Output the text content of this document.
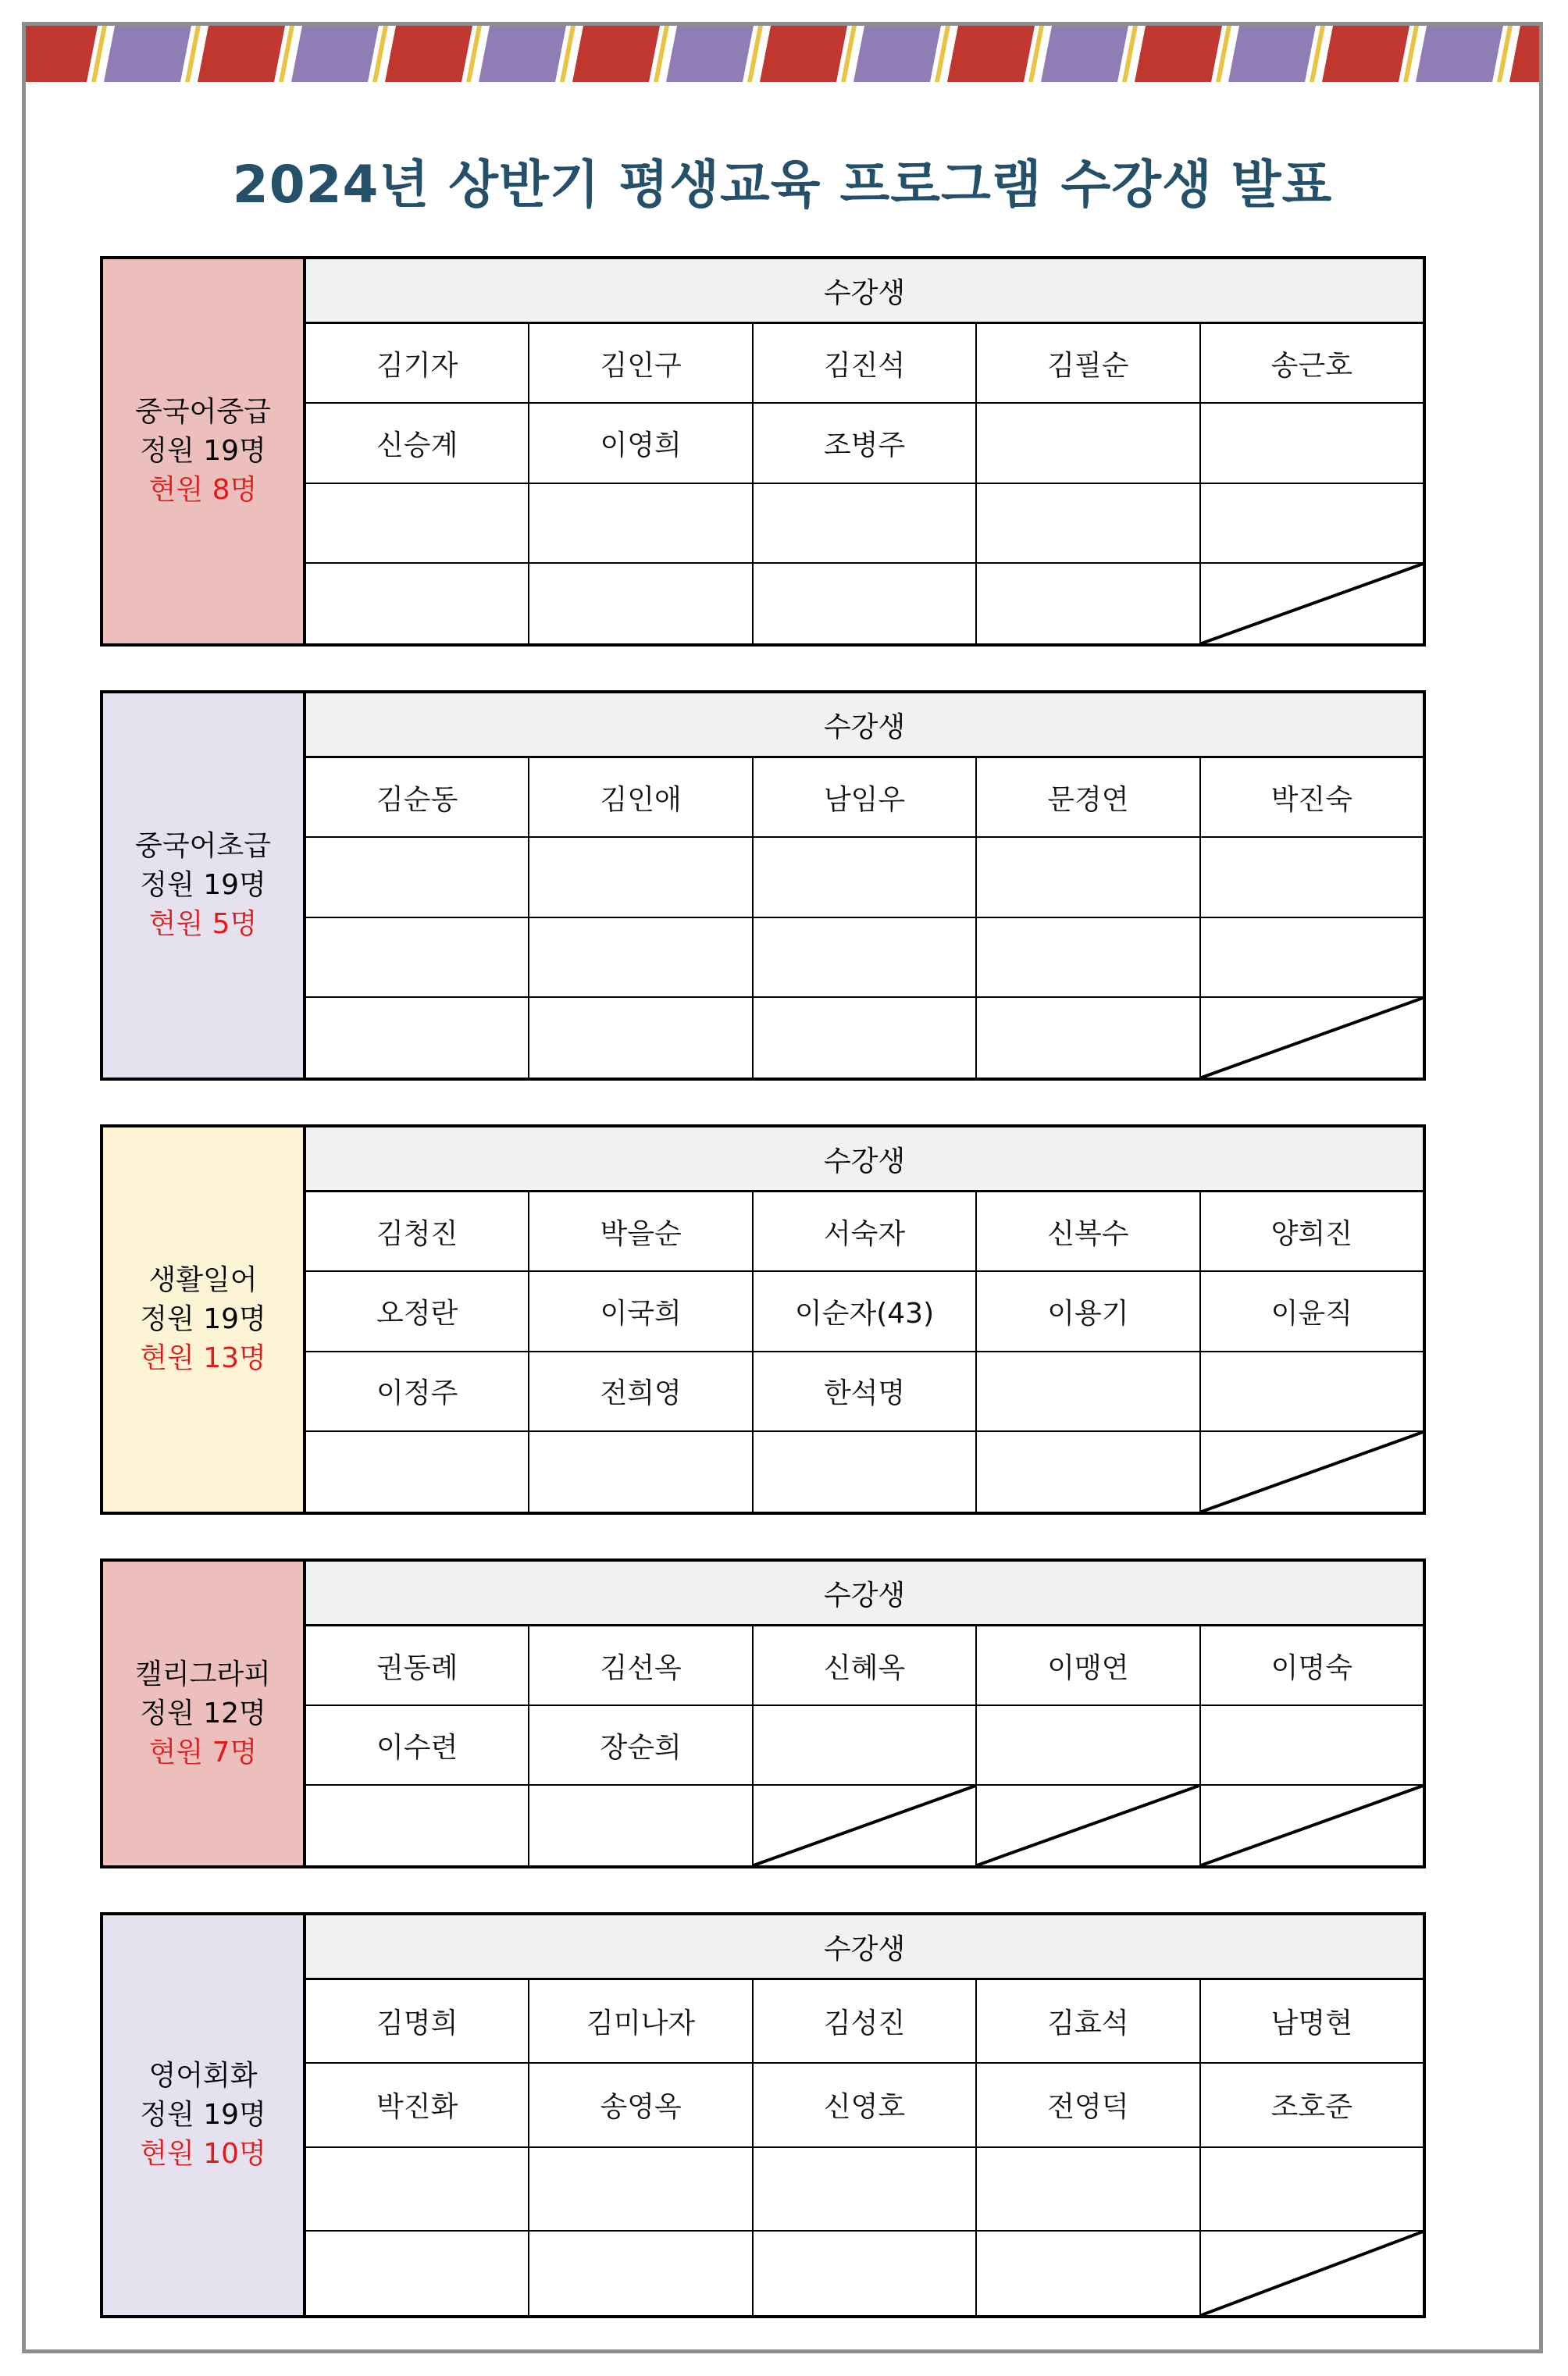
2024년 상반기 평생교육 프로그램 수강생 발표
중국어중급
정원 19명
현원 8명
수강생
김기자	김인구	김진석	김필순	송근호
신승계	이영희	조병주
중국어초급
정원 19명
현원 5명
수강생
김순동	김인애	남임우	문경연	박진숙
생활일어
정원 19명
현원 13명
수강생
김청진	박을순	서숙자	신복수	양희진
오정란	이국희	이순자(43)	이용기	이윤직
이정주	전희영	한석명
캘리그라피
정원 12명
현원 7명
수강생
권동례	김선옥	신혜옥	이맹연	이명숙
이수련	장순희
영어회화
정원 19명
현원 10명
수강생
김명희	김미나자	김성진	김효석	남명현
박진화	송영옥	신영호	전영덕	조호준
